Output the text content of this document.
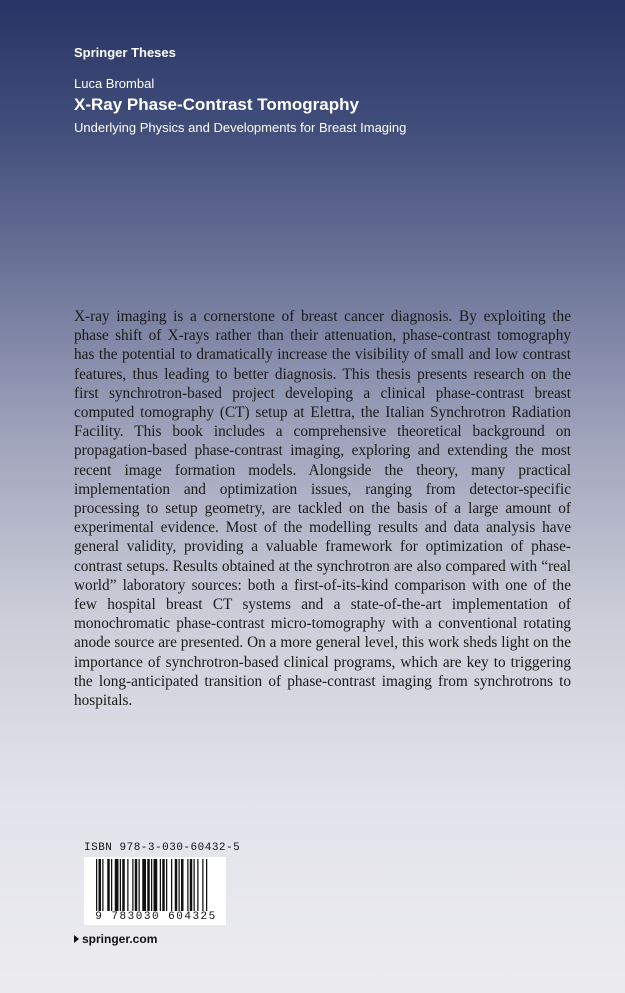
Springer Theses
Luca Brombal
X-Ray Phase-Contrast Tomography
Underlying Physics and Developments for Breast Imaging

X-ray imaging is a cornerstone of breast cancer diagnosis. By exploiting the phase shift of X-rays rather than their attenuation, phase-contrast tomography has the potential to dramatically increase the visibility of small and low contrast features, thus leading to better diagnosis. This thesis presents research on the first synchrotron-based project developing a clinical phase-contrast breast computed tomography (CT) setup at Elettra, the Italian Synchrotron Radiation Facility. This book includes a comprehensive theoretical background on propagation-based phase-contrast imaging, exploring and extending the most recent image formation models. Alongside the theory, many practical implementation and optimization issues, ranging from detector-specific processing to setup geometry, are tackled on the basis of a large amount of experimental evidence. Most of the modelling results and data analysis have general validity, providing a valuable framework for optimization of phase-contrast setups. Results obtained at the synchrotron are also compared with “real world” laboratory sources: both a first-of-its-kind comparison with one of the few hospital breast CT systems and a state-of-the-art implementation of monochromatic phase-contrast micro-tomography with a conventional rotating anode source are presented. On a more general level, this work sheds light on the importance of synchrotron-based clinical programs, which are key to triggering the long-anticipated transition of phase-contrast imaging from synchrotrons to hospitals.

ISBN 978-3-030-60432-5
9 783030 604325
springer.com
